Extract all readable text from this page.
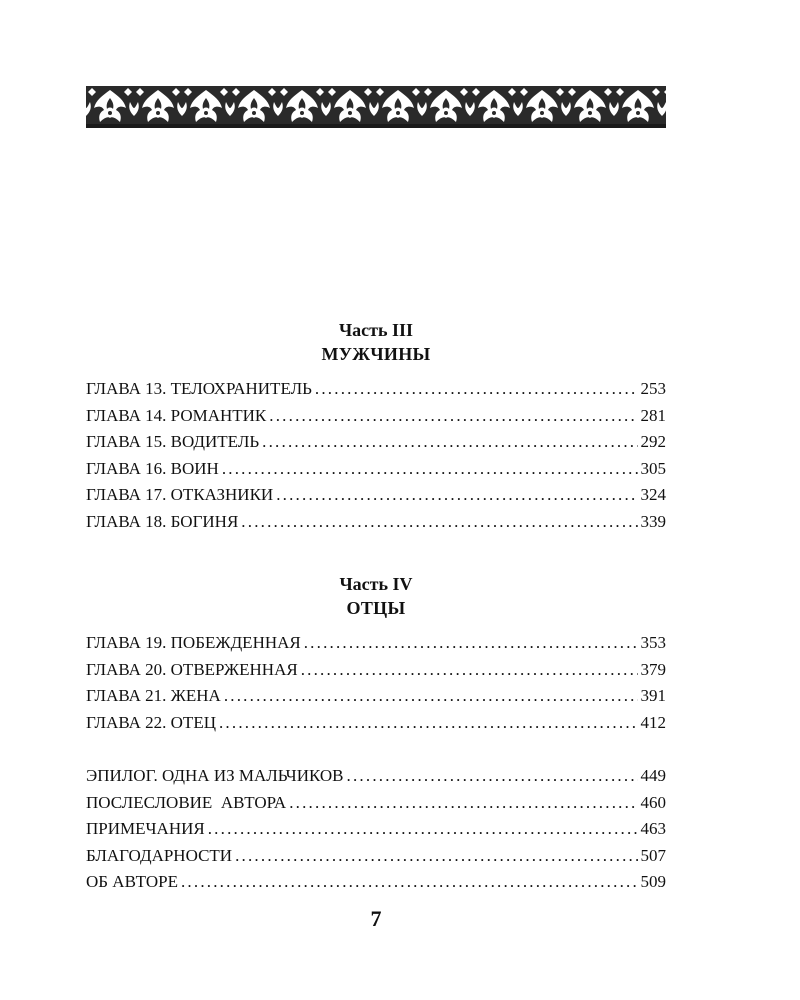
Часть III
МУЖЧИНЫ
ГЛАВА 13. ТЕЛОХРАНИТЕЛЬ .....	253
ГЛАВА 14. РОМАНТИК .....	281
ГЛАВА 15. ВОДИТЕЛЬ .....	292
ГЛАВА 16. ВОИН .....	305
ГЛАВА 17. ОТКАЗНИКИ .....	324
ГЛАВА 18. БОГИНЯ .....	339
Часть IV
ОТЦЫ
ГЛАВА 19. ПОБЕЖДЕННАЯ .....	353
ГЛАВА 20. ОТВЕРЖЕННАЯ .....	379
ГЛАВА 21. ЖЕНА .....	391
ГЛАВА 22. ОТЕЦ .....	412
ЭПИЛОГ. ОДНА ИЗ МАЛЬЧИКОВ .....	449
ПОСЛЕСЛОВИЕ  АВТОРА .....	460
ПРИМЕЧАНИЯ .....	463
БЛАГОДАРНОСТИ .....	507
ОБ АВТОРЕ .....	509
7
